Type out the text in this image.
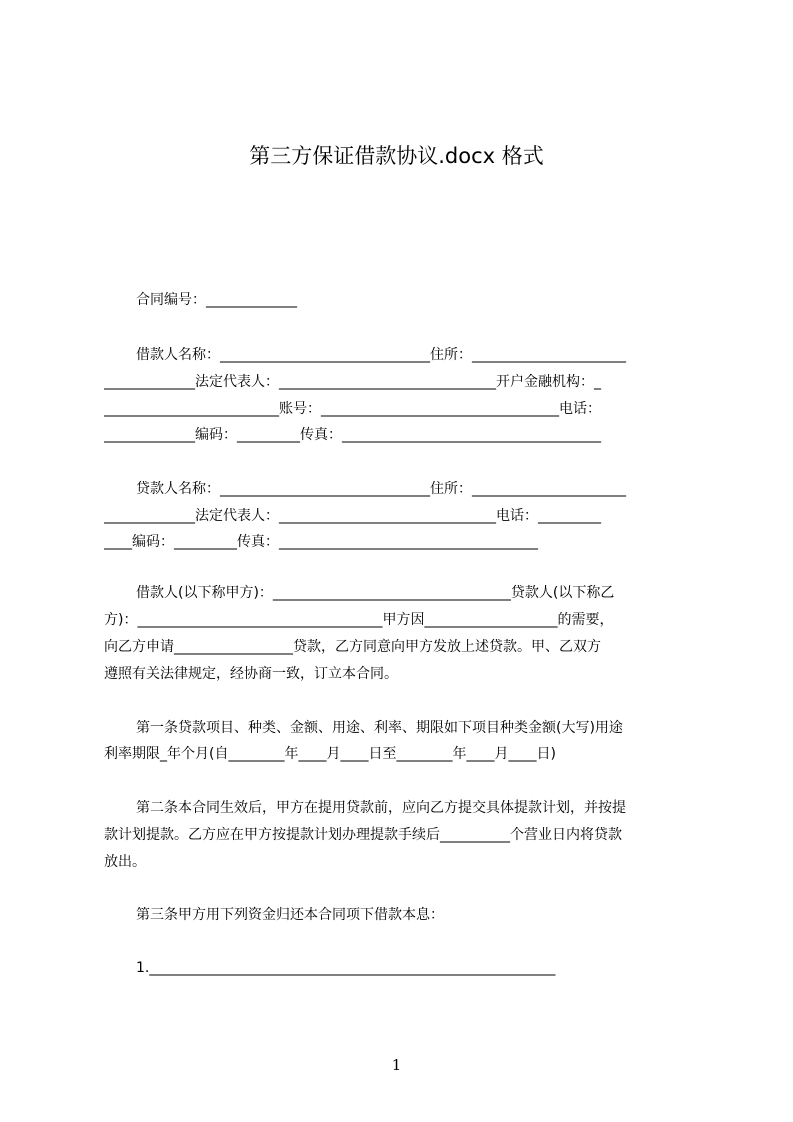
第三方保证借款协议.docx 格式
合同编号：_____________
借款人名称：______________________________住所：______________________
_____________法定代表人：_______________________________开户金融机构：_
_________________________账号：__________________________________电话：
_____________编码：_________传真：_____________________________________
贷款人名称：______________________________住所：______________________
_____________法定代表人：_______________________________电话：_________
____编码：_________传真：_____________________________________
借款人(以下称甲方)：__________________________________贷款人(以下称乙
方)：___________________________________甲方因___________________的需要，
向乙方申请_________________贷款，乙方同意向甲方发放上述贷款。甲、乙双方
遵照有关法律规定，经协商一致，订立本合同。
第一条贷款项目、种类、金额、用途、利率、期限如下项目种类金额(大写)用途
利率期限_年个月(自________年____月____日至________年____月____日)
第二条本合同生效后，甲方在提用贷款前，应向乙方提交具体提款计划，并按提
款计划提款。乙方应在甲方按提款计划办理提款手续后__________个营业日内将贷款
放出。
第三条甲方用下列资金归还本合同项下借款本息：
1.__________________________________________________________
1
